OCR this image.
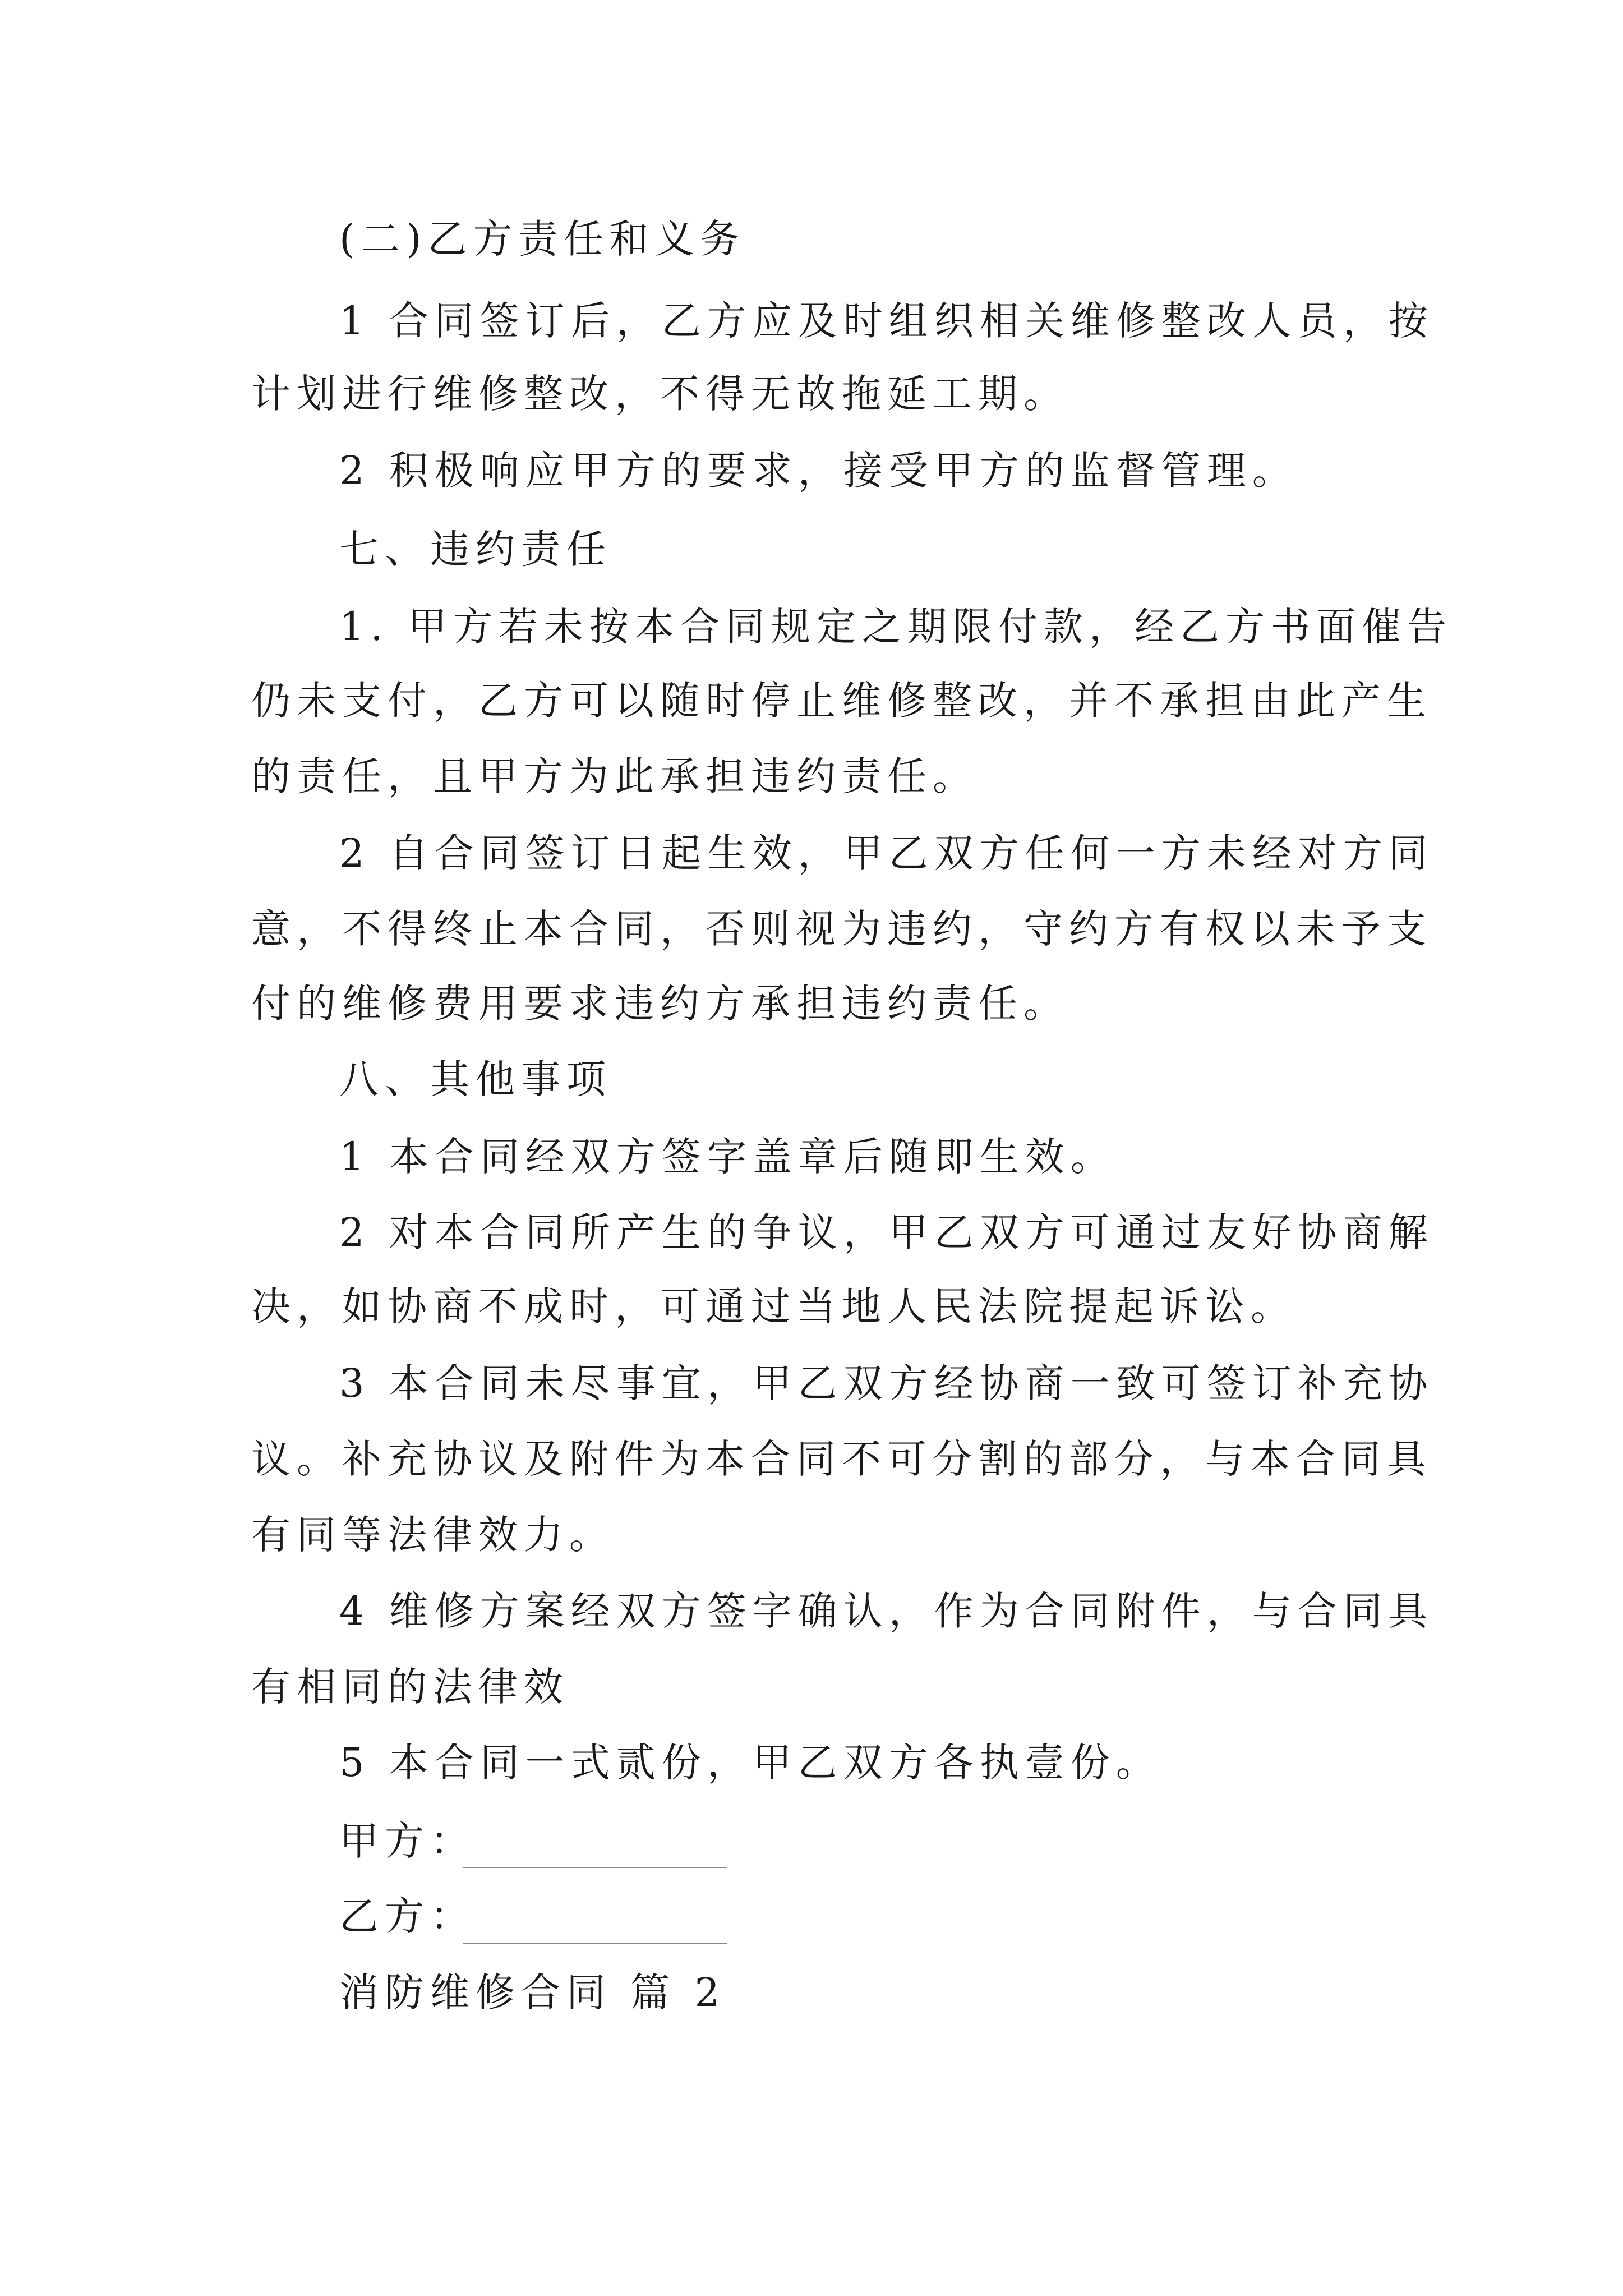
(二)乙方责任和义务
1 合同签订后，乙方应及时组织相关维修整改人员，按
计划进行维修整改，不得无故拖延工期。
2 积极响应甲方的要求，接受甲方的监督管理。
七、违约责任
1. 甲方若未按本合同规定之期限付款，经乙方书面催告
仍未支付，乙方可以随时停止维修整改，并不承担由此产生
的责任，且甲方为此承担违约责任。
2 自合同签订日起生效，甲乙双方任何一方未经对方同
意，不得终止本合同，否则视为违约，守约方有权以未予支
付的维修费用要求违约方承担违约责任。
八、其他事项
1 本合同经双方签字盖章后随即生效。
2 对本合同所产生的争议，甲乙双方可通过友好协商解
决，如协商不成时，可通过当地人民法院提起诉讼。
3 本合同未尽事宜，甲乙双方经协商一致可签订补充协
议。补充协议及附件为本合同不可分割的部分，与本合同具
有同等法律效力。
4 维修方案经双方签字确认，作为合同附件，与合同具
有相同的法律效
5 本合同一式贰份，甲乙双方各执壹份。
甲方：
乙方：
消防维修合同 篇 2
